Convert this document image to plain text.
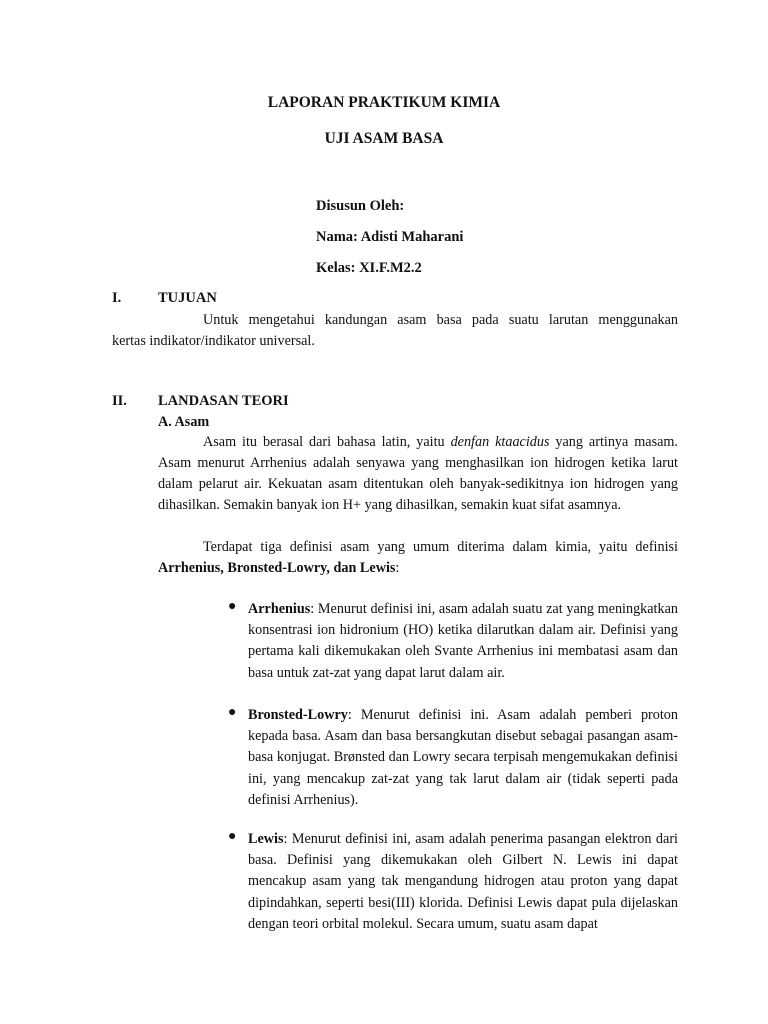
LAPORAN PRAKTIKUM KIMIA
UJI ASAM BASA
Disusun Oleh:
Nama: Adisti Maharani
Kelas: XI.F.M2.2
I.	TUJUAN
Untuk mengetahui kandungan asam basa pada suatu larutan menggunakan
kertas indikator/indikator universal.
II. LANDASAN TEORI
A. Asam
Asam itu berasal dari bahasa latin, yaitu denfan ktaacidus yang artinya masam. Asam menurut Arrhenius adalah senyawa yang menghasilkan ion hidrogen ketika larut dalam pelarut air. Kekuatan asam ditentukan oleh banyak-sedikitnya ion hidrogen yang dihasilkan. Semakin banyak ion H+ yang dihasilkan, semakin kuat sifat asamnya.
Terdapat tiga definisi asam yang umum diterima dalam kimia, yaitu definisi Arrhenius, Bronsted-Lowry, dan Lewis:
● Arrhenius: Menurut definisi ini, asam adalah suatu zat yang meningkatkan konsentrasi ion hidronium (HO) ketika dilarutkan dalam air. Definisi yang pertama kali dikemukakan oleh Svante Arrhenius ini membatasi asam dan basa untuk zat-zat yang dapat larut dalam air.
● Bronsted-Lowry: Menurut definisi ini. Asam adalah pemberi proton kepada basa. Asam dan basa bersangkutan disebut sebagai pasangan asam-basa konjugat. Brønsted dan Lowry secara terpisah mengemukakan definisi ini, yang mencakup zat-zat yang tak larut dalam air (tidak seperti pada definisi Arrhenius).
● Lewis: Menurut definisi ini, asam adalah penerima pasangan elektron dari basa. Definisi yang dikemukakan oleh Gilbert N. Lewis ini dapat mencakup asam yang tak mengandung hidrogen atau proton yang dapat dipindahkan, seperti besi(III) klorida. Definisi Lewis dapat pula dijelaskan dengan teori orbital molekul. Secara umum, suatu asam dapat
